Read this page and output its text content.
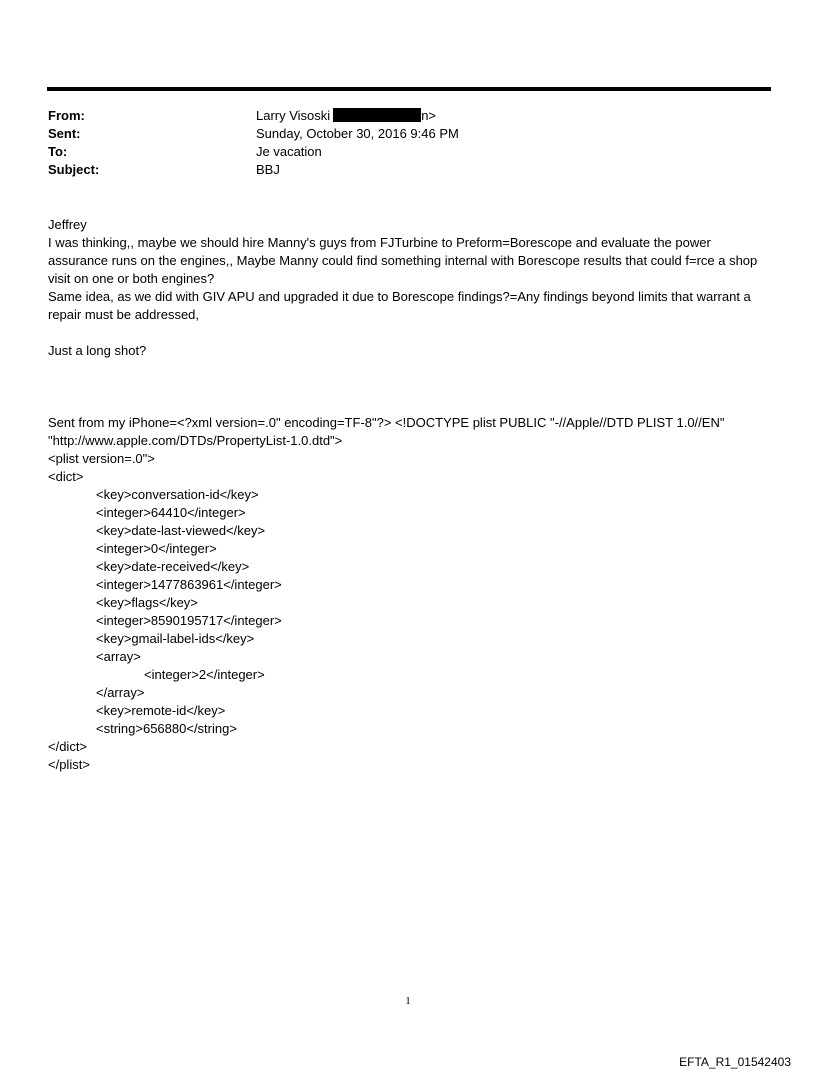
From:	Larry Visoski	n>
Sent:	Sunday, October 30, 2016 9:46 PM
To:	Je vacation
Subject:	BBJ

Jeffrey

I was thinking,, maybe we should hire Manny's guys from FJTurbine to Preform=Borescope and evaluate the power assurance runs on the engines,, Maybe Manny could find something internal with Borescope results that could f=rce a shop visit on one or both engines?

Same idea, as we did with GIV APU and upgraded it due to Borescope findings?=Any findings beyond limits that warrant a repair must be addressed,

Just a long shot?

Sent from my iPhone=<?xml version=.0" encoding=TF-8"?> <!DOCTYPE plist PUBLIC "-//Apple//DTD PLIST 1.0//EN" "http://www.apple.com/DTDs/PropertyList-1.0.dtd">

<plist version=.0">

<dict>

<key>conversation-id</key>

<integer>64410</integer>

<key>date-last-viewed</key>

<integer>0</integer>

<key>date-received</key>

<integer>1477863961</integer>

<key>flags</key>

<integer>8590195717</integer>

<key>gmail-label-ids</key>

<array>

<integer>2</integer>

</array>

<key>remote-id</key>

<string>656880</string>

</dict>

</plist>

1
EFTA_R1_01542403
